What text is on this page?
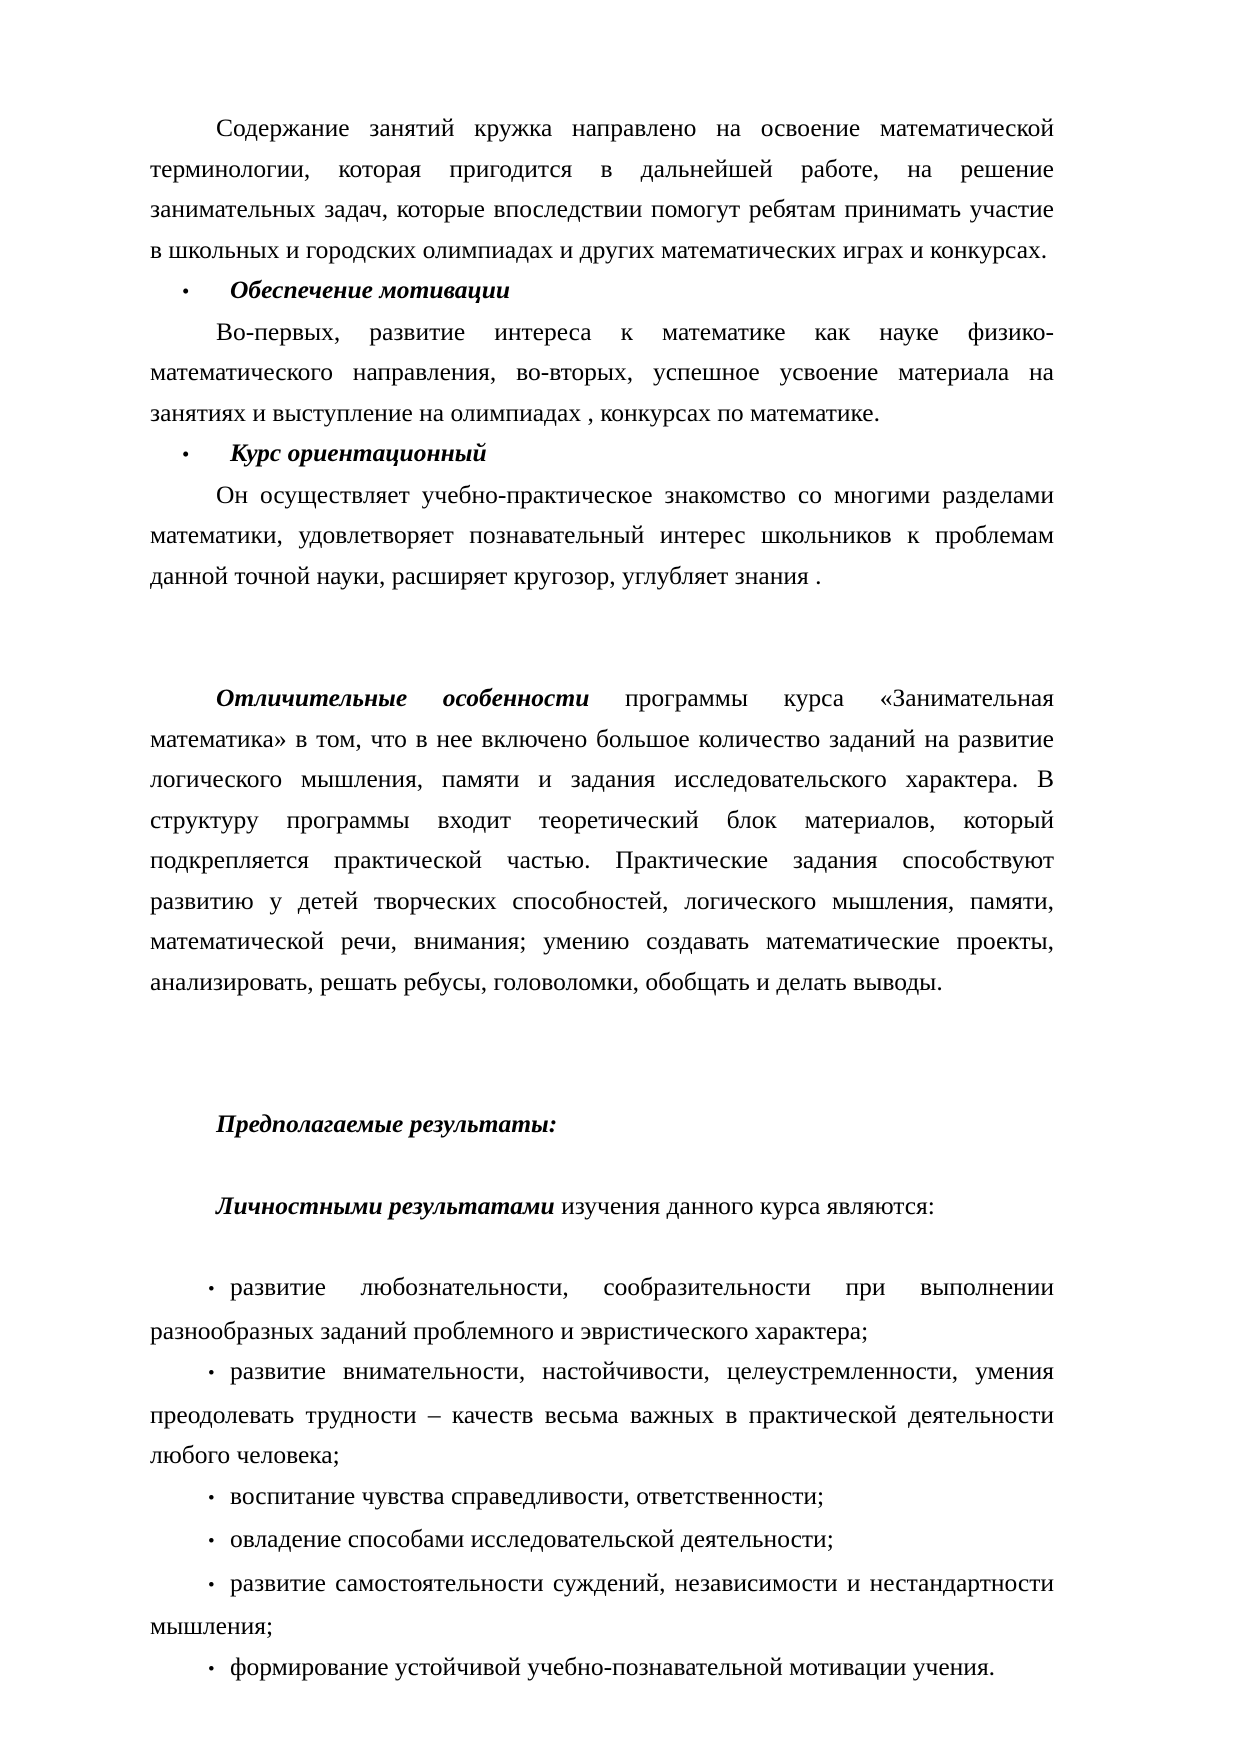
Содержание занятий кружка направлено на освоение математической терминологии, которая пригодится в дальнейшей работе, на решение занимательных задач, которые впоследствии помогут ребятам принимать участие в школьных и городских олимпиадах и других математических играх и конкурсах.

•	Обеспечение мотивации

Во-первых, развитие интереса к математике как науке физико-математического направления, во-вторых, успешное усвоение материала на занятиях и выступление на олимпиадах , конкурсах по математике.

•	Курс ориентационный

Он осуществляет учебно-практическое знакомство со многими разделами математики, удовлетворяет познавательный интерес школьников к проблемам данной точной науки, расширяет кругозор, углубляет знания .

Отличительные особенности программы курса «Занимательная математика» в том, что в нее включено большое количество заданий на развитие логического мышления, памяти и задания исследовательского характера. В структуру программы входит теоретический блок материалов, который подкрепляется практической частью. Практические задания способствуют развитию у детей творческих способностей, логического мышления, памяти, математической речи, внимания; умению создавать математические проекты, анализировать, решать ребусы, головоломки, обобщать и делать выводы.

Предполагаемые результаты:

Личностными результатами изучения данного курса являются:

• развитие любознательности, сообразительности при выполнении разнообразных заданий проблемного и эвристического характера;

• развитие внимательности, настойчивости, целеустремленности, умения преодолевать трудности – качеств весьма важных в практической деятельности любого человека;

• воспитание чувства справедливости, ответственности;

• овладение способами исследовательской деятельности;

• развитие самостоятельности суждений, независимости и нестандартности мышления;

• формирование устойчивой учебно-познавательной мотивации учения.
